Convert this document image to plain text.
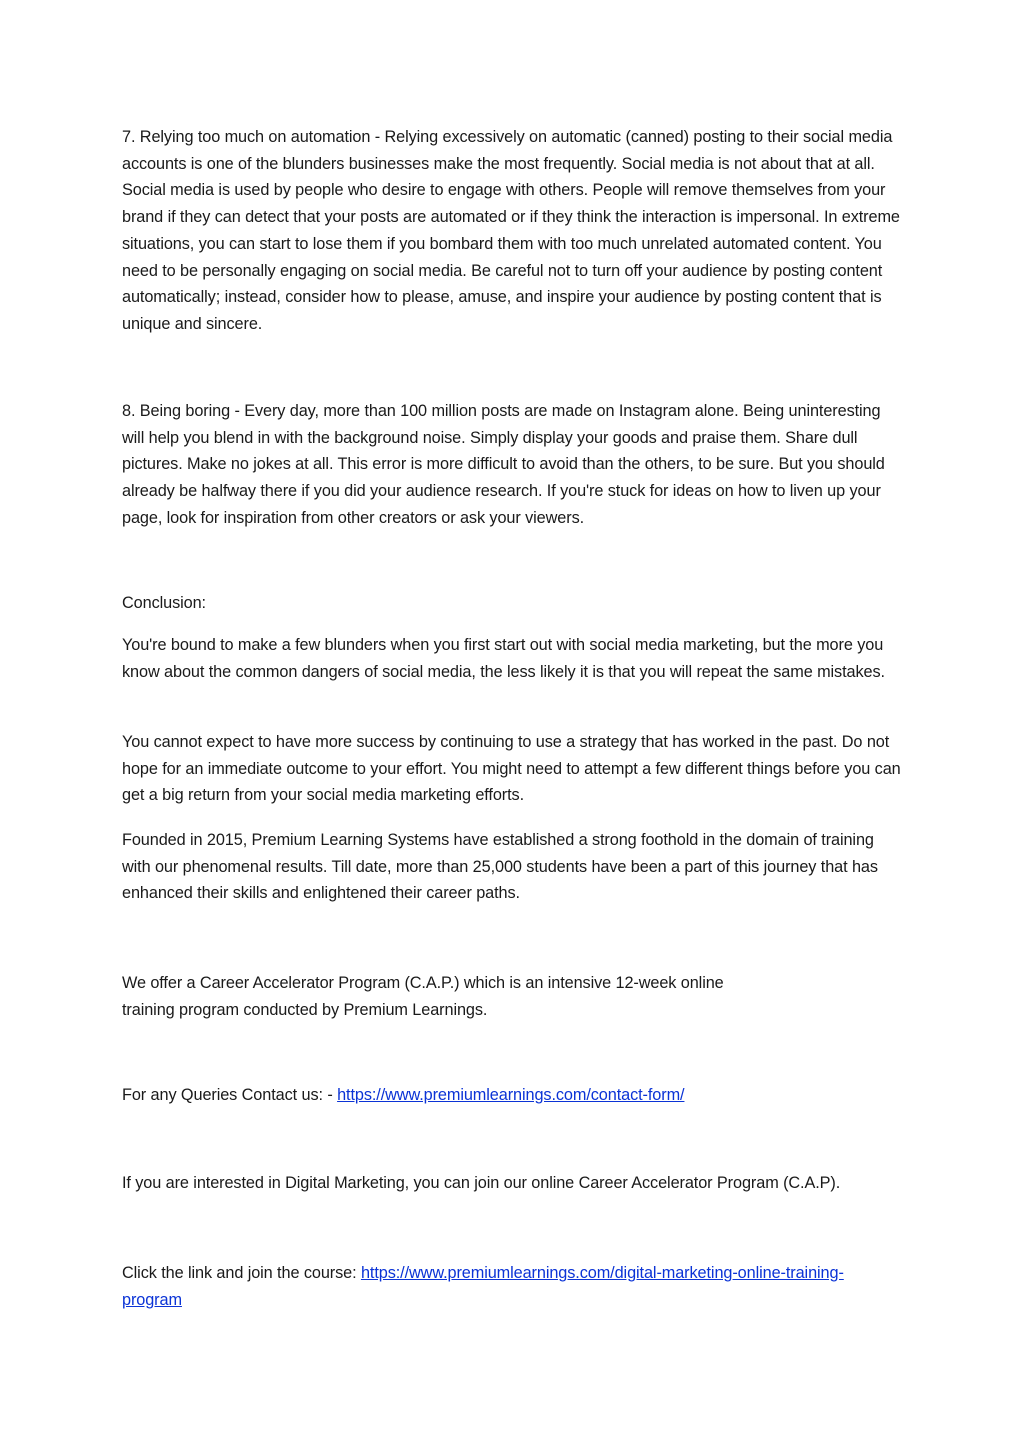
7. Relying too much on automation - Relying excessively on automatic (canned) posting to their social media accounts is one of the blunders businesses make the most frequently. Social media is not about that at all. Social media is used by people who desire to engage with others. People will remove themselves from your brand if they can detect that your posts are automated or if they think the interaction is impersonal. In extreme situations, you can start to lose them if you bombard them with too much unrelated automated content. You need to be personally engaging on social media. Be careful not to turn off your audience by posting content automatically; instead, consider how to please, amuse, and inspire your audience by posting content that is unique and sincere.

8. Being boring - Every day, more than 100 million posts are made on Instagram alone. Being uninteresting will help you blend in with the background noise. Simply display your goods and praise them. Share dull pictures. Make no jokes at all. This error is more difficult to avoid than the others, to be sure. But you should already be halfway there if you did your audience research. If you're stuck for ideas on how to liven up your page, look for inspiration from other creators or ask your viewers.

Conclusion:

You're bound to make a few blunders when you first start out with social media marketing, but the more you know about the common dangers of social media, the less likely it is that you will repeat the same mistakes.

You cannot expect to have more success by continuing to use a strategy that has worked in the past. Do not hope for an immediate outcome to your effort. You might need to attempt a few different things before you can get a big return from your social media marketing efforts.

Founded in 2015, Premium Learning Systems have established a strong foothold in the domain of training with our phenomenal results. Till date, more than 25,000 students have been a part of this journey that has enhanced their skills and enlightened their career paths.

We offer a Career Accelerator Program (C.A.P.) which is an intensive 12-week online
training program conducted by Premium Learnings.

For any Queries Contact us: - https://www.premiumlearnings.com/contact-form/

If you are interested in Digital Marketing, you can join our online Career Accelerator Program (C.A.P).

Click the link and join the course: https://www.premiumlearnings.com/digital-marketing-online-training-program
